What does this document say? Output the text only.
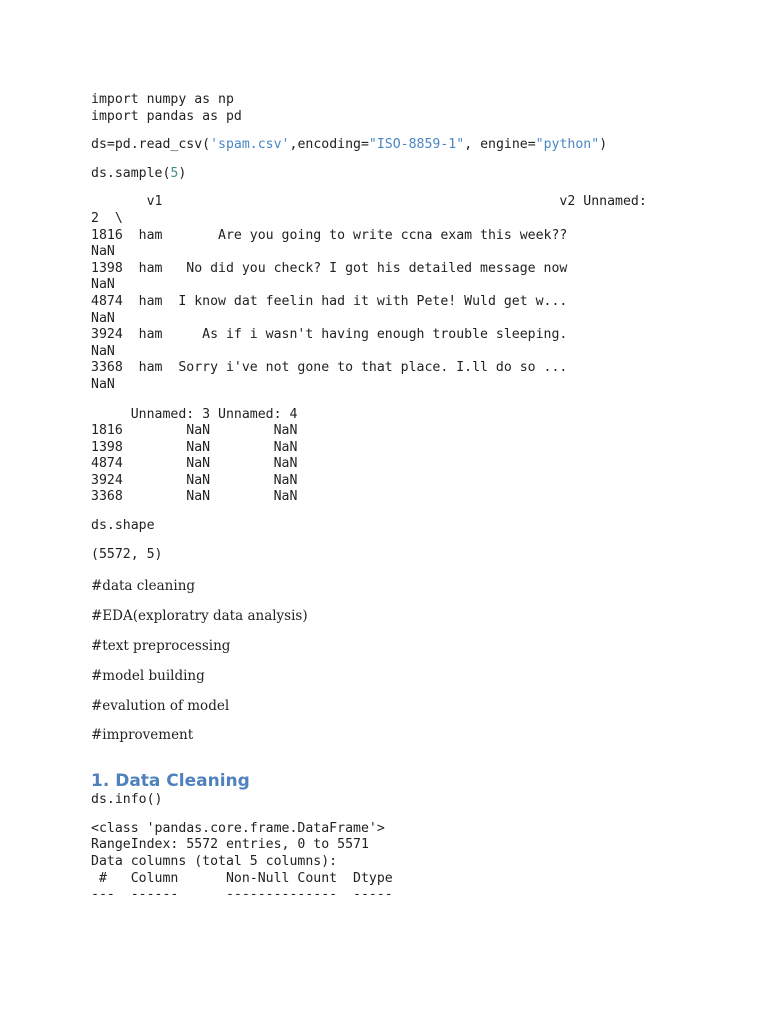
import numpy as np
import pandas as pd
ds=pd.read_csv('spam.csv',encoding="ISO-8859-1", engine="python")
ds.sample(5)
v1                                                  v2 Unnamed:
2  \
1816  ham       Are you going to write ccna exam this week??
NaN
1398  ham   No did you check? I got his detailed message now
NaN
4874  ham  I know dat feelin had it with Pete! Wuld get w...
NaN
3924  ham     As if i wasn't having enough trouble sleeping.
NaN
3368  ham  Sorry i've not gone to that place. I.ll do so ...
NaN
Unnamed: 3 Unnamed: 4
1816        NaN        NaN
1398        NaN        NaN
4874        NaN        NaN
3924        NaN        NaN
3368        NaN        NaN
ds.shape
(5572, 5)

#data cleaning

#EDA(exploratry data analysis)

#text preprocessing

#model building

#evalution of model

#improvement

1. Data Cleaning
ds.info()
<class 'pandas.core.frame.DataFrame'>
RangeIndex: 5572 entries, 0 to 5571
Data columns (total 5 columns):
#   Column      Non-Null Count  Dtype
---  ------      --------------  -----
